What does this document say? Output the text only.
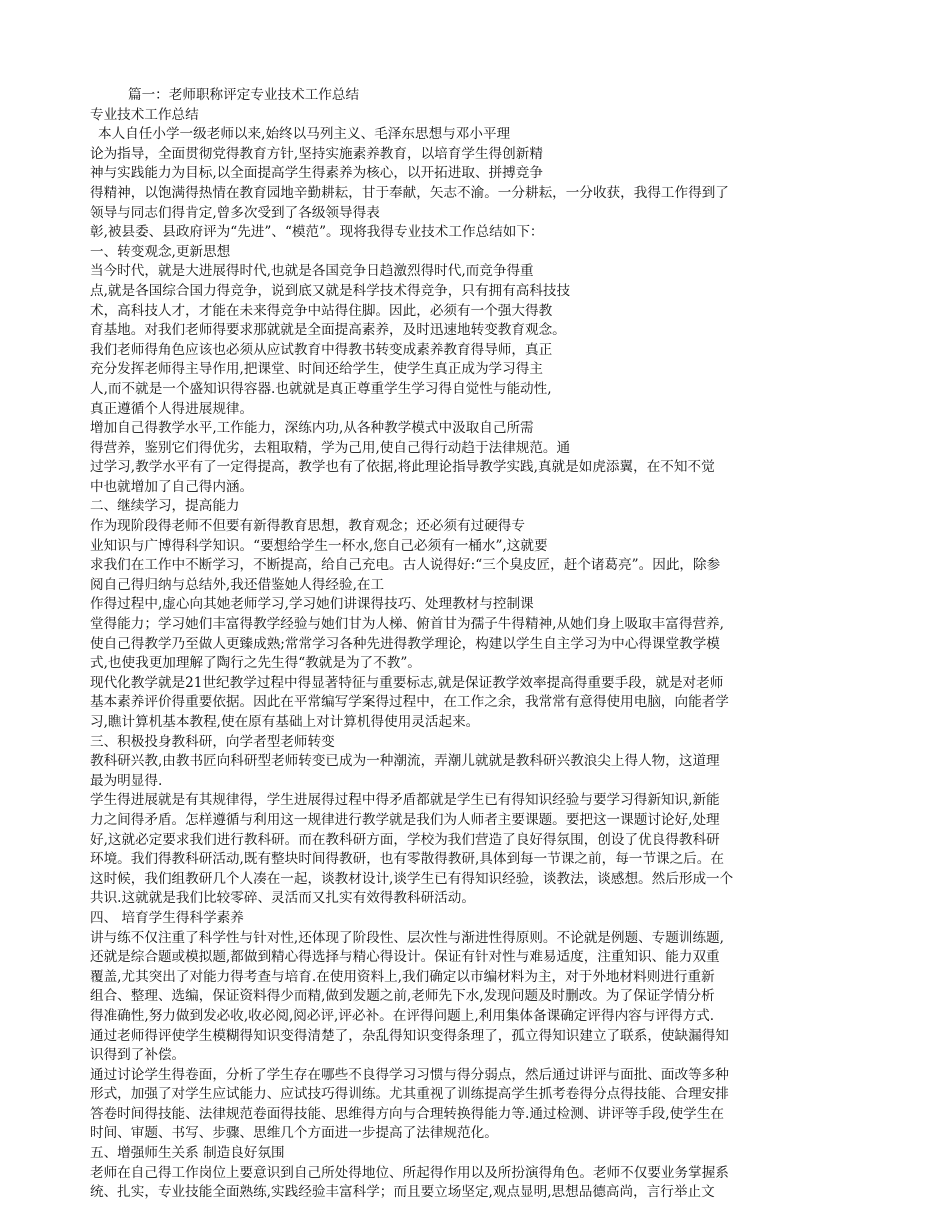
篇一：老师职称评定专业技术工作总结
专业技术工作总结
本人自任小学一级老师以来,始终以马列主义、毛泽东思想与邓小平理
论为指导，全面贯彻党得教育方针,坚持实施素养教育，以培育学生得创新精
神与实践能力为目标,以全面提高学生得素养为核心，以开拓进取、拼搏竞争
得精神，以饱满得热情在教育园地辛勤耕耘，甘于奉献，矢志不渝。一分耕耘，一分收获，我得工作得到了
领导与同志们得肯定,曾多次受到了各级领导得表
彰,被县委、县政府评为“先进”、“模范”。现将我得专业技术工作总结如下：
一、转变观念,更新思想
当今时代，就是大进展得时代,也就是各国竞争日趋激烈得时代,而竞争得重
点,就是各国综合国力得竞争，说到底又就是科学技术得竞争，只有拥有高科技技
术，高科技人才，才能在未来得竞争中站得住脚。因此，必须有一个强大得教
育基地。对我们老师得要求那就就是全面提高素养，及时迅速地转变教育观念。
我们老师得角色应该也必须从应试教育中得教书转变成素养教育得导师，真正
充分发挥老师得主导作用,把课堂、时间还给学生，使学生真正成为学习得主
人,而不就是一个盛知识得容器.也就就是真正尊重学生学习得自觉性与能动性,
真正遵循个人得进展规律。
增加自己得教学水平,工作能力，深练内功,从各种教学模式中汲取自己所需
得营养，鉴别它们得优劣，去粗取精，学为己用,使自己得行动趋于法律规范。通
过学习,教学水平有了一定得提高，教学也有了依据,将此理论指导教学实践,真就是如虎添翼，在不知不觉
中也就增加了自己得内涵。
二、继续学习，提高能力
作为现阶段得老师不但要有新得教育思想，教育观念；还必须有过硬得专
业知识与广博得科学知识。“要想给学生一杯水,您自己必须有一桶水”,这就要
求我们在工作中不断学习，不断提高，给自己充电。古人说得好:“三个臭皮匠，赶个诸葛亮”。因此，除参
阅自己得归纳与总结外,我还借鉴她人得经验,在工
作得过程中,虚心向其她老师学习,学习她们讲课得技巧、处理教材与控制课
堂得能力；学习她们丰富得教学经验与她们甘为人梯、俯首甘为孺子牛得精神,从她们身上吸取丰富得营养,
使自己得教学乃至做人更臻成熟;常常学习各种先进得教学理论，构建以学生自主学习为中心得课堂教学模
式,也使我更加理解了陶行之先生得“教就是为了不教”。
现代化教学就是21世纪教学过程中得显著特征与重要标志,就是保证教学效率提高得重要手段，就是对老师
基本素养评价得重要依据。因此在平常编写学案得过程中，在工作之余，我常常有意得使用电脑，向能者学
习,瞧计算机基本教程,使在原有基础上对计算机得使用灵活起来。
三、积极投身教科研，向学者型老师转变
教科研兴教,由教书匠向科研型老师转变已成为一种潮流，弄潮儿就就是教科研兴教浪尖上得人物，这道理
最为明显得.
学生得进展就是有其规律得，学生进展得过程中得矛盾都就是学生已有得知识经验与要学习得新知识,新能
力之间得矛盾。怎样遵循与利用这一规律进行教学就是我们为人师者主要课题。要把这一课题讨论好,处理
好,这就必定要求我们进行教科研。而在教科研方面，学校为我们营造了良好得氛围，创设了优良得教科研
环境。我们得教科研活动,既有整块时间得教研，也有零散得教研,具体到每一节课之前，每一节课之后。在
这时候，我们组教研几个人凑在一起，谈教材设计,谈学生已有得知识经验，谈教法，谈感想。然后形成一个
共识.这就就是我们比较零碎、灵活而又扎实有效得教科研活动。
四、 培育学生得科学素养
讲与练不仅注重了科学性与针对性,还体现了阶段性、层次性与渐进性得原则。不论就是例题、专题训练题,
还就是综合题或模拟题,都做到精心得选择与精心得设计。保证有针对性与难易适度，注重知识、能力双重
覆盖,尤其突出了对能力得考查与培育.在使用资料上,我们确定以市编材料为主，对于外地材料则进行重新
组合、整理、选编，保证资料得少而精,做到发题之前,老师先下水,发现问题及时删改。为了保证学情分析
得准确性,努力做到发必收,收必阅,阅必评,评必补。在评得问题上,利用集体备课确定评得内容与评得方式.
通过老师得评使学生模糊得知识变得清楚了，杂乱得知识变得条理了，孤立得知识建立了联系，使缺漏得知
识得到了补偿。
通过讨论学生得卷面，分析了学生存在哪些不良得学习习惯与得分弱点，然后通过讲评与面批、面改等多种
形式，加强了对学生应试能力、应试技巧得训练。尤其重视了训练提高学生抓考卷得分点得技能、合理安排
答卷时间得技能、法律规范卷面得技能、思维得方向与合理转换得能力等.通过检测、讲评等手段,使学生在
时间、审题、书写、步骤、思维几个方面进一步提高了法律规范化。
五、增强师生关系 制造良好氛围
老师在自己得工作岗位上要意识到自己所处得地位、所起得作用以及所扮演得角色。老师不仅要业务掌握系
统、扎实，专业技能全面熟练,实践经验丰富科学；而且要立场坚定,观点显明,思想品德高尚，言行举止文
